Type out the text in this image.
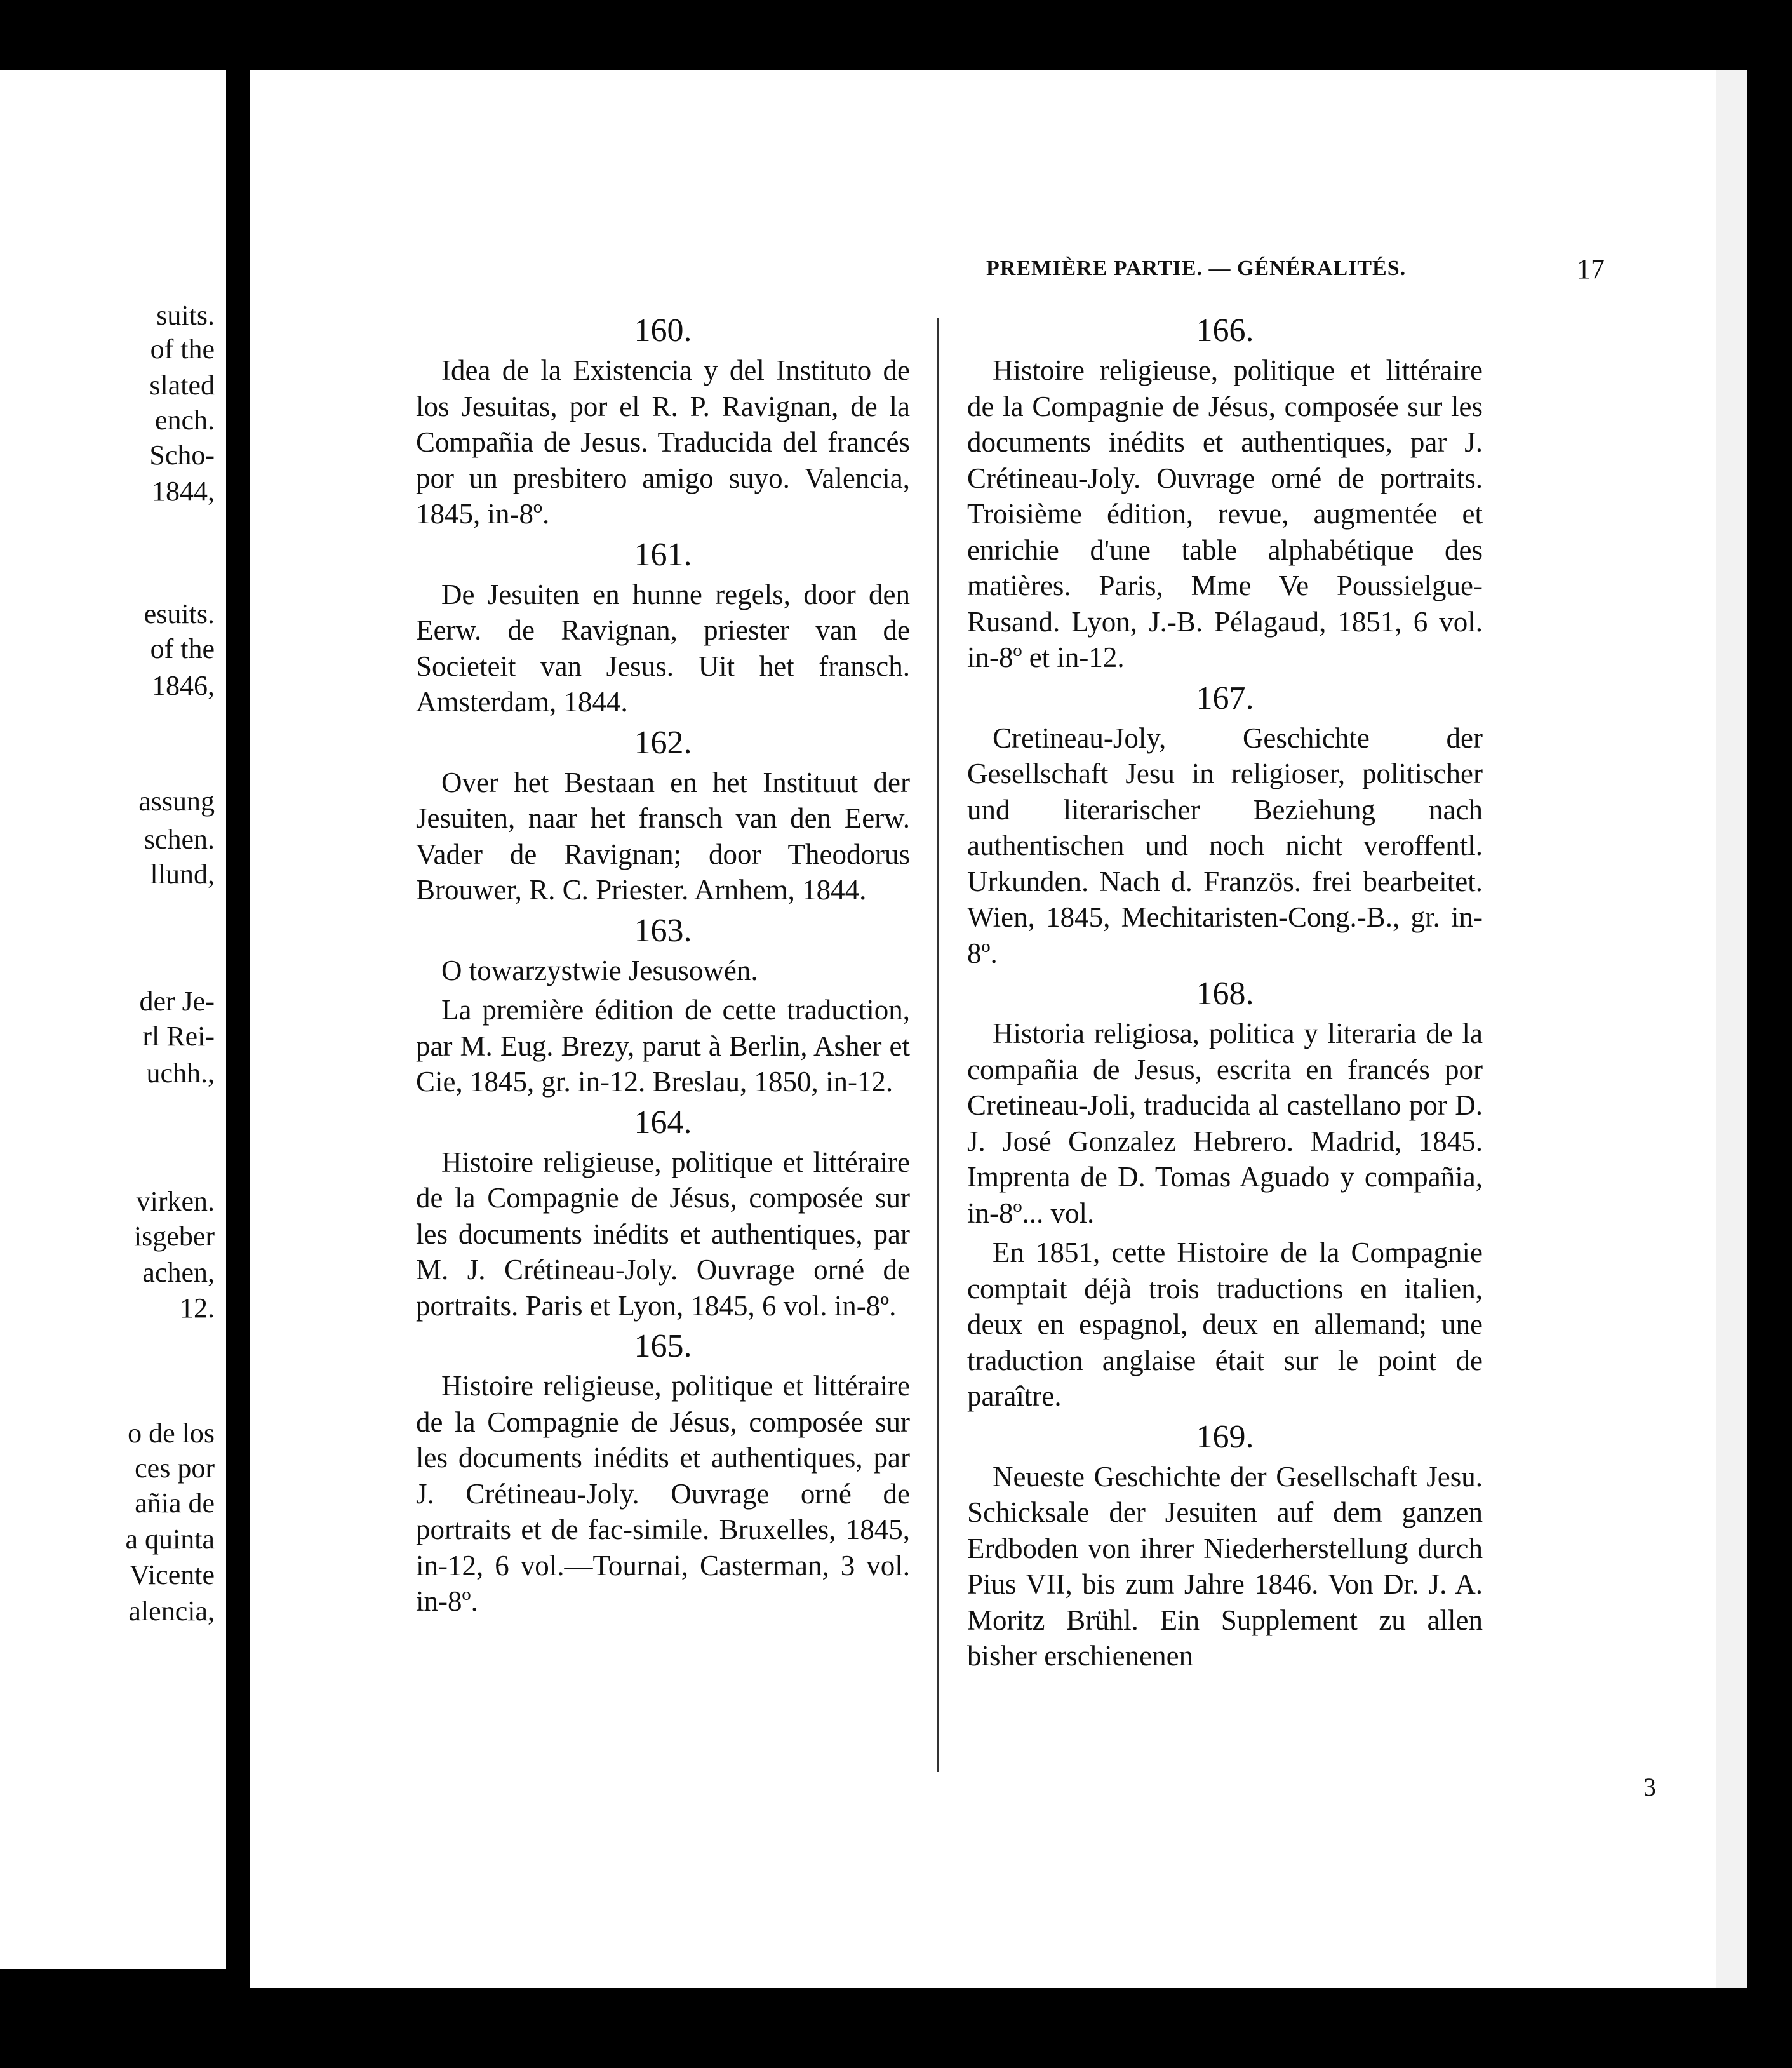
suits.
of the
slated
ench.
Scho-
1844,
esuits.
of the
1846,
assung
schen.
llund,
der Je-
rl Rei-
uchh.,
virken.
isgeber
achen,
12.
o de los
ces por
añia de
a quinta
Vicente
alencia,
PREMIÈRE PARTIE. — GÉNÉRALITÉS.	17
160.

Idea de la Existencia y del Instituto de los Jesuitas, por el R. P. Ravignan, de la Compañia de Jesus. Traducida del francés por un presbitero amigo suyo. Valencia, 1845, in-8º.

161.

De Jesuiten en hunne regels, door den Eerw. de Ravignan, priester van de Societeit van Jesus. Uit het fransch. Amsterdam, 1844.

162.

Over het Bestaan en het Instituut der Jesuiten, naar het fransch van den Eerw. Vader de Ravignan; door Theodorus Brouwer, R. C. Priester. Arnhem, 1844.

163.

O towarzystwie Jesusowén.

La première édition de cette traduction, par M. Eug. Brezy, parut à Berlin, Asher et Cie, 1845, gr. in-12. Breslau, 1850, in-12.

164.

Histoire religieuse, politique et littéraire de la Compagnie de Jésus, composée sur les documents inédits et authentiques, par M. J. Crétineau-Joly. Ouvrage orné de portraits. Paris et Lyon, 1845, 6 vol. in-8º.

165.

Histoire religieuse, politique et littéraire de la Compagnie de Jésus, composée sur les documents inédits et authentiques, par J. Crétineau-Joly. Ouvrage orné de portraits et de fac-simile. Bruxelles, 1845, in-12, 6 vol.—Tournai, Casterman, 3 vol. in-8º.

166.

Histoire religieuse, politique et littéraire de la Compagnie de Jésus, composée sur les documents inédits et authentiques, par J. Crétineau-Joly. Ouvrage orné de portraits. Troisième édition, revue, augmentée et enrichie d'une table alphabétique des matières. Paris, Mme Ve Poussielgue-Rusand. Lyon, J.-B. Pélagaud, 1851, 6 vol. in-8º et in-12.

167.

Cretineau-Joly, Geschichte der Gesellschaft Jesu in religioser, politischer und literarischer Beziehung nach authentischen und noch nicht veroffentl. Urkunden. Nach d. Französ. frei bearbeitet. Wien, 1845, Mechitaristen-Cong.-B., gr. in-8º.

168.

Historia religiosa, politica y literaria de la compañia de Jesus, escrita en francés por Cretineau-Joli, traducida al castellano por D. J. José Gonzalez Hebrero. Madrid, 1845. Imprenta de D. Tomas Aguado y compañia, in-8º... vol.

En 1851, cette Histoire de la Compagnie comptait déjà trois traductions en italien, deux en espagnol, deux en allemand; une traduction anglaise était sur le point de paraître.

169.

Neueste Geschichte der Gesellschaft Jesu. Schicksale der Jesuiten auf dem ganzen Erdboden von ihrer Niederherstellung durch Pius VII, bis zum Jahre 1846. Von Dr. J. A. Moritz Brühl. Ein Supplement zu allen bisher erschienenen

3
